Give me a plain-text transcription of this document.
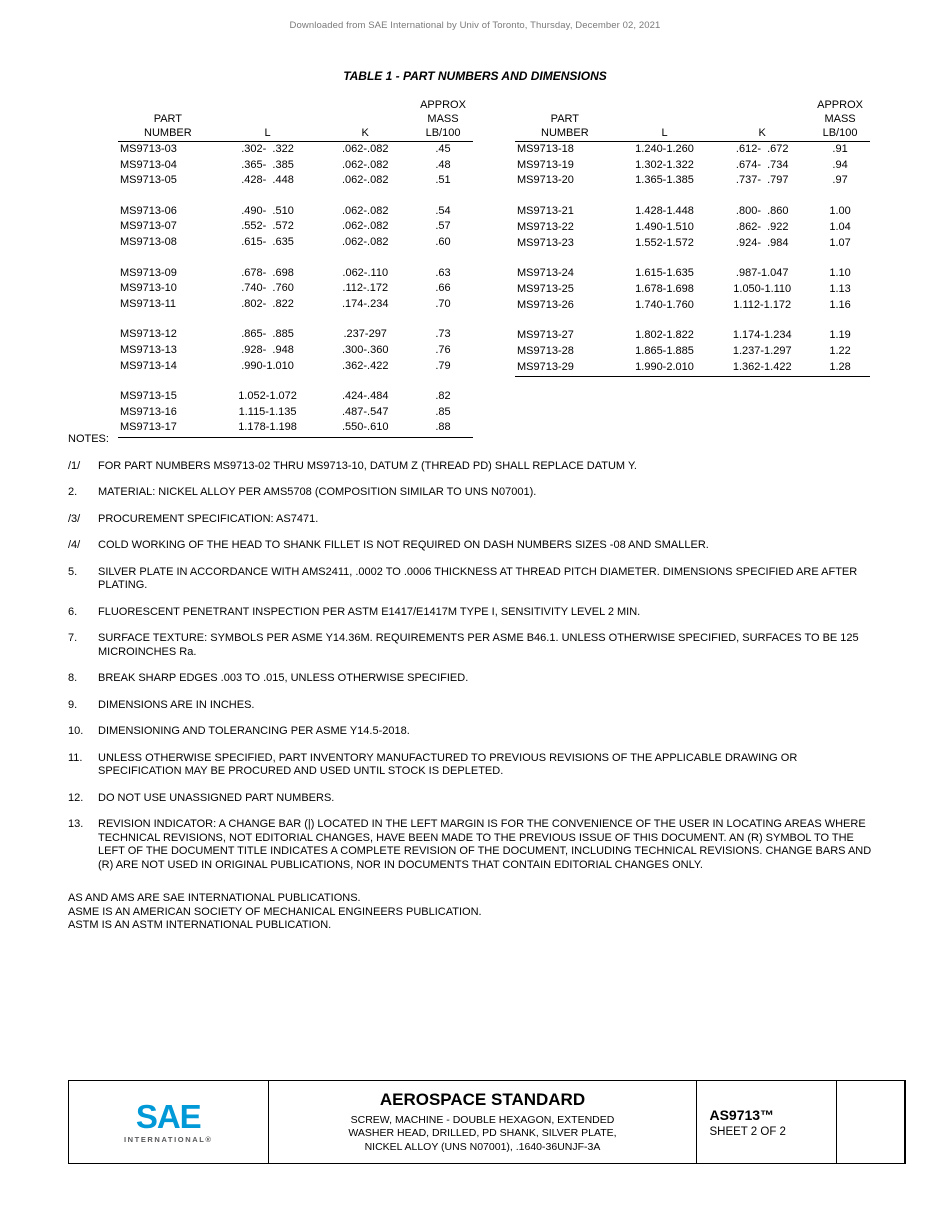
Downloaded from SAE International by Univ of Toronto, Thursday, December 02, 2021
TABLE 1 - PART NUMBERS AND DIMENSIONS
			APPROX
PART			MASS
NUMBER	L	K	LB/100
MS9713-03	.302-  .322	.062-.082	.45
MS9713-04	.365-  .385	.062-.082	.48
MS9713-05	.428-  .448	.062-.082	.51

MS9713-06	.490-  .510	.062-.082	.54
MS9713-07	.552-  .572	.062-.082	.57
MS9713-08	.615-  .635	.062-.082	.60

MS9713-09	.678-  .698	.062-.110	.63
MS9713-10	.740-  .760	.112-.172	.66
MS9713-11	.802-  .822	.174-.234	.70

MS9713-12	.865-  .885	.237-297	.73
MS9713-13	.928-  .948	.300-.360	.76
MS9713-14	.990-1.010	.362-.422	.79

MS9713-15	1.052-1.072	.424-.484	.82
MS9713-16	1.115-1.135	.487-.547	.85
MS9713-17	1.178-1.198	.550-.610	.88
			APPROX
PART			MASS
NUMBER	L	K	LB/100
MS9713-18	1.240-1.260	.612-  .672	.91
MS9713-19	1.302-1.322	.674-  .734	.94
MS9713-20	1.365-1.385	.737-  .797	.97

MS9713-21	1.428-1.448	.800-  .860	1.00
MS9713-22	1.490-1.510	.862-  .922	1.04
MS9713-23	1.552-1.572	.924-  .984	1.07

MS9713-24	1.615-1.635	.987-1.047	1.10
MS9713-25	1.678-1.698	1.050-1.110	1.13
MS9713-26	1.740-1.760	1.112-1.172	1.16

MS9713-27	1.802-1.822	1.174-1.234	1.19
MS9713-28	1.865-1.885	1.237-1.297	1.22
MS9713-29	1.990-2.010	1.362-1.422	1.28

NOTES:
/1/	FOR PART NUMBERS MS9713-02 THRU MS9713-10, DATUM Z (THREAD PD) SHALL REPLACE DATUM Y.
2.	MATERIAL: NICKEL ALLOY PER AMS5708 (COMPOSITION SIMILAR TO UNS N07001).
/3/	PROCUREMENT SPECIFICATION: AS7471.
/4/	COLD WORKING OF THE HEAD TO SHANK FILLET IS NOT REQUIRED ON DASH NUMBERS SIZES -08 AND SMALLER.
5.	SILVER PLATE IN ACCORDANCE WITH AMS2411, .0002 TO .0006 THICKNESS AT THREAD PITCH DIAMETER. DIMENSIONS SPECIFIED ARE AFTER PLATING.
6.	FLUORESCENT PENETRANT INSPECTION PER ASTM E1417/E1417M TYPE I, SENSITIVITY LEVEL 2 MIN.
7.	SURFACE TEXTURE: SYMBOLS PER ASME Y14.36M. REQUIREMENTS PER ASME B46.1. UNLESS OTHERWISE SPECIFIED, SURFACES TO BE 125 MICROINCHES Ra.
8.	BREAK SHARP EDGES .003 TO .015, UNLESS OTHERWISE SPECIFIED.
9.	DIMENSIONS ARE IN INCHES.
10.	DIMENSIONING AND TOLERANCING PER ASME Y14.5-2018.
11.	UNLESS OTHERWISE SPECIFIED, PART INVENTORY MANUFACTURED TO PREVIOUS REVISIONS OF THE APPLICABLE DRAWING OR SPECIFICATION MAY BE PROCURED AND USED UNTIL STOCK IS DEPLETED.
12.	DO NOT USE UNASSIGNED PART NUMBERS.
13.	REVISION INDICATOR: A CHANGE BAR (|) LOCATED IN THE LEFT MARGIN IS FOR THE CONVENIENCE OF THE USER IN LOCATING AREAS WHERE TECHNICAL REVISIONS, NOT EDITORIAL CHANGES, HAVE BEEN MADE TO THE PREVIOUS ISSUE OF THIS DOCUMENT. AN (R) SYMBOL TO THE LEFT OF THE DOCUMENT TITLE INDICATES A COMPLETE REVISION OF THE DOCUMENT, INCLUDING TECHNICAL REVISIONS. CHANGE BARS AND (R) ARE NOT USED IN ORIGINAL PUBLICATIONS, NOR IN DOCUMENTS THAT CONTAIN EDITORIAL CHANGES ONLY.
AS AND AMS ARE SAE INTERNATIONAL PUBLICATIONS.
ASME IS AN AMERICAN SOCIETY OF MECHANICAL ENGINEERS PUBLICATION.
ASTM IS AN ASTM INTERNATIONAL PUBLICATION.
SAE
INTERNATIONAL®
AEROSPACE STANDARD
SCREW, MACHINE - DOUBLE HEXAGON, EXTENDED
WASHER HEAD, DRILLED, PD SHANK, SILVER PLATE,
NICKEL ALLOY (UNS N07001), .1640-36UNJF-3A
AS9713™
SHEET 2 OF 2
